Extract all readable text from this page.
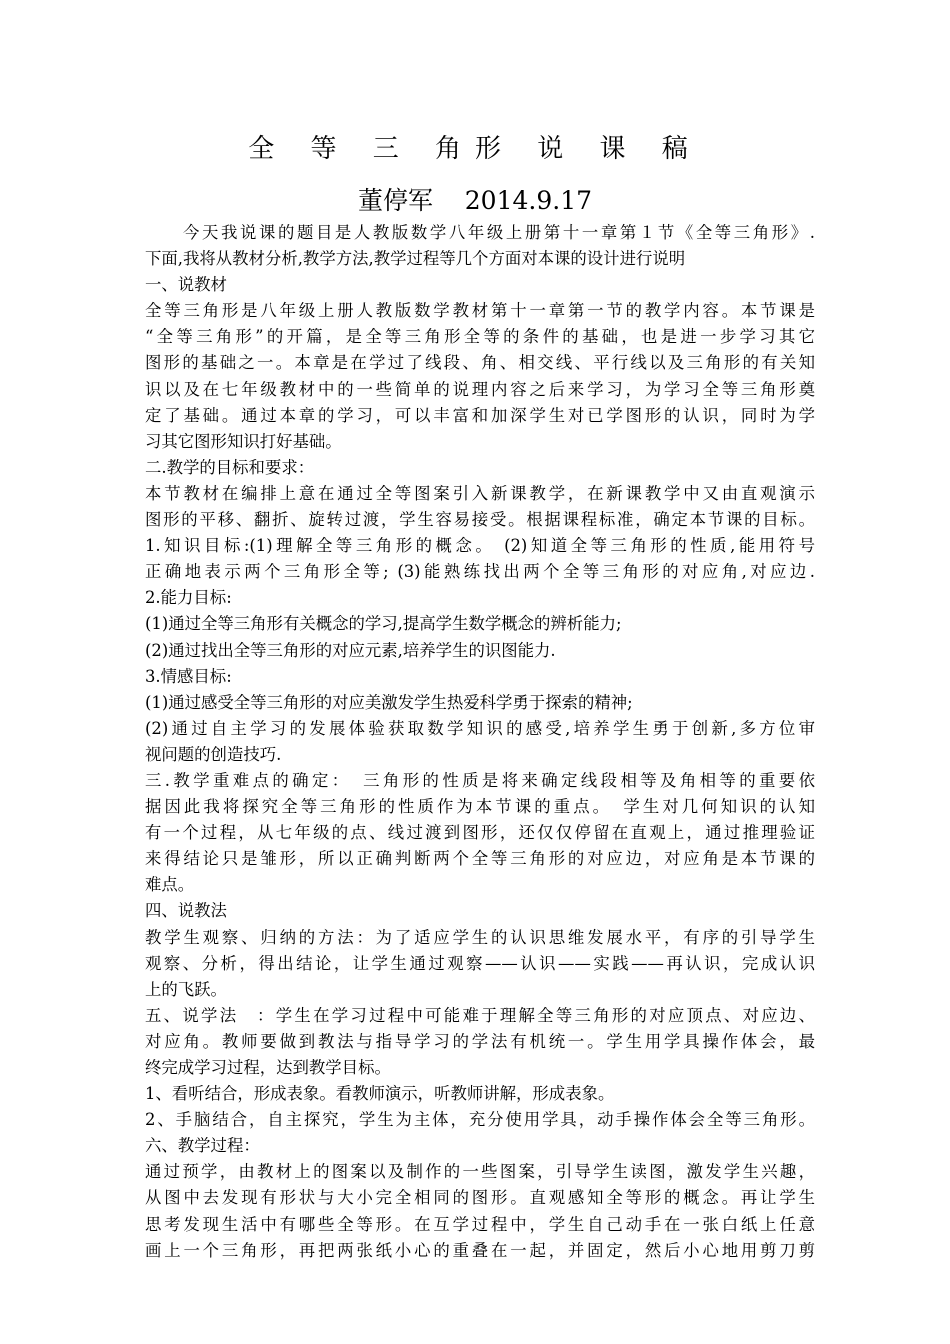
全 等 三 角形 说 课 稿
董停军    2014.9.17
　　今天我说课的题目是人教版数学八年级上册第十一章第１节《全等三角形》.
下面,我将从教材分析,教学方法,教学过程等几个方面对本课的设计进行说明
一、说教材
全等三角形是八年级上册人教版数学教材第十一章第一节的教学内容。本节课是
“全等三角形”的开篇，是全等三角形全等的条件的基础，也是进一步学习其它
图形的基础之一。本章是在学过了线段、角、相交线、平行线以及三角形的有关知
识以及在七年级教材中的一些简单的说理内容之后来学习，为学习全等三角形奠
定了基础。通过本章的学习，可以丰富和加深学生对已学图形的认识，同时为学
习其它图形知识打好基础。
二.教学的目标和要求：
本节教材在编排上意在通过全等图案引入新课教学，在新课教学中又由直观演示
图形的平移、翻折、旋转过渡，学生容易接受。根据课程标准，确定本节课的目标。
1.知识目标:(1)理解全等三角形的概念。 (2)知道全等三角形的性质,能用符号
正确地表示两个三角形全等; (3)能熟练找出两个全等三角形的对应角,对应边.
2.能力目标:
(1)通过全等三角形有关概念的学习,提高学生数学概念的辨析能力;
(2)通过找出全等三角形的对应元素,培养学生的识图能力.
3.情感目标:
(1)通过感受全等三角形的对应美激发学生热爱科学勇于探索的精神;
(2)通过自主学习的发展体验获取数学知识的感受,培养学生勇于创新,多方位审
视问题的创造技巧.
三.教学重难点的确定：　三角形的性质是将来确定线段相等及角相等的重要依
据因此我将探究全等三角形的性质作为本节课的重点。　学生对几何知识的认知
有一个过程，从七年级的点、线过渡到图形，还仅仅停留在直观上，通过推理验证
来得结论只是雏形，所以正确判断两个全等三角形的对应边，对应角是本节课的
难点。
四、说教法
教学生观察、归纳的方法：为了适应学生的认识思维发展水平，有序的引导学生
观察、分析，得出结论，让学生通过观察——认识——实践——再认识，完成认识
上的飞跃。
五、说学法　：学生在学习过程中可能难于理解全等三角形的对应顶点、对应边、
对应角。教师要做到教法与指导学习的学法有机统一。学生用学具操作体会，最
终完成学习过程，达到教学目标。
1、看听结合，形成表象。看教师演示，听教师讲解，形成表象。
2、手脑结合，自主探究，学生为主体，充分使用学具，动手操作体会全等三角形。
六、教学过程：
通过预学，由教材上的图案以及制作的一些图案，引导学生读图，激发学生兴趣，
从图中去发现有形状与大小完全相同的图形。直观感知全等形的概念。再让学生
思考发现生活中有哪些全等形。在互学过程中，学生自己动手在一张白纸上任意
画上一个三角形，再把两张纸小心的重叠在一起，并固定，然后小心地用剪刀剪
